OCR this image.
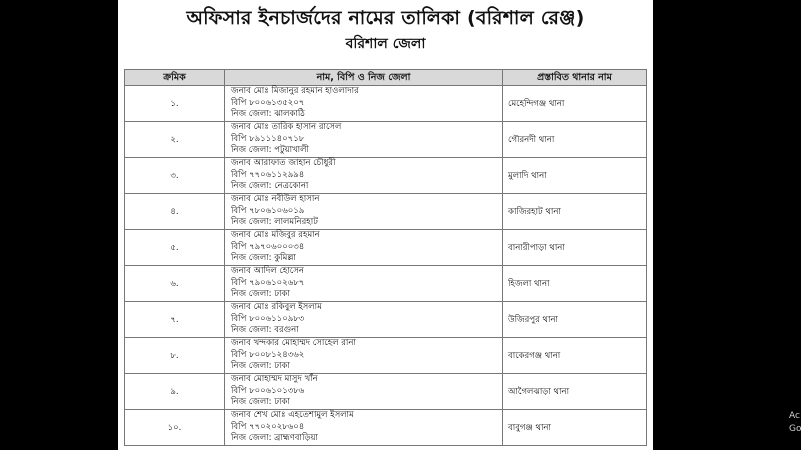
অফিসার ইনচার্জদের নামের তালিকা (বরিশাল রেঞ্জ)
বরিশাল জেলা
ক্রমিক	নাম, বিপি ও নিজ জেলা	প্রস্তাবিত থানার নাম
১.	জনাব মোঃ মিজানুর রহমান হাওলাদার
বিপি ৮০০৬১৩৫২০৭
নিজ জেলা: ঝালকাঠি	মেহেন্দিগঞ্জ থানা
২.	জনাব মোঃ তারিক হাসান রাসেল
বিপি ৮৯১১১৪০৭১৮
নিজ জেলা: পটুয়াখালী	গৌরনদী থানা
৩.	জনাব আরাফাত জাহান চৌধুরী
বিপি ৭৭০৬১১২৯৯৪
নিজ জেলা: নেত্রকোনা	মুলাদি থানা
৪.	জনাব মোঃ নবীউল হাসান
বিপি ৭৮০৬১০৬০১৯
নিজ জেলা: লালমনিরহাট	কাজিরহাট থানা
৫.	জনাব মোঃ মজিবুর রহমান
বিপি ৭৯৭০৬০০০৩৪
নিজ জেলা: কুমিল্লা	বানারীপাড়া থানা
৬.	জনাব আদিল হোসেন
বিপি ৭৯০৬১০২৬৮৭
নিজ জেলা: ঢাকা	হিজলা থানা
৭.	জনাব মোঃ রকিবুল ইসলাম
বিপি ৮০০৬১১০৯৮৩
নিজ জেলা: বরগুনা	উজিরপুর থানা
৮.	জনাব খন্দকার মোহাম্মদ সোহেল রানা
বিপি ৮০০৮১২৪৩৬২
নিজ জেলা: ঢাকা	বাকেরগঞ্জ থানা
৯.	জনাব মোহাম্মদ মাসুদ খাঁন
বিপি ৮০০৬১০১৩৮৬
নিজ জেলা: ঢাকা	আগৈলঝাড়া থানা
১০.	জনাব শেখ মোঃ এহতেশামুল ইসলাম
বিপি ৭৭০২০২৮৬০৪
নিজ জেলা: ব্রাহ্মণবাড়িয়া	বাবুগঞ্জ থানা
Ac
Go
